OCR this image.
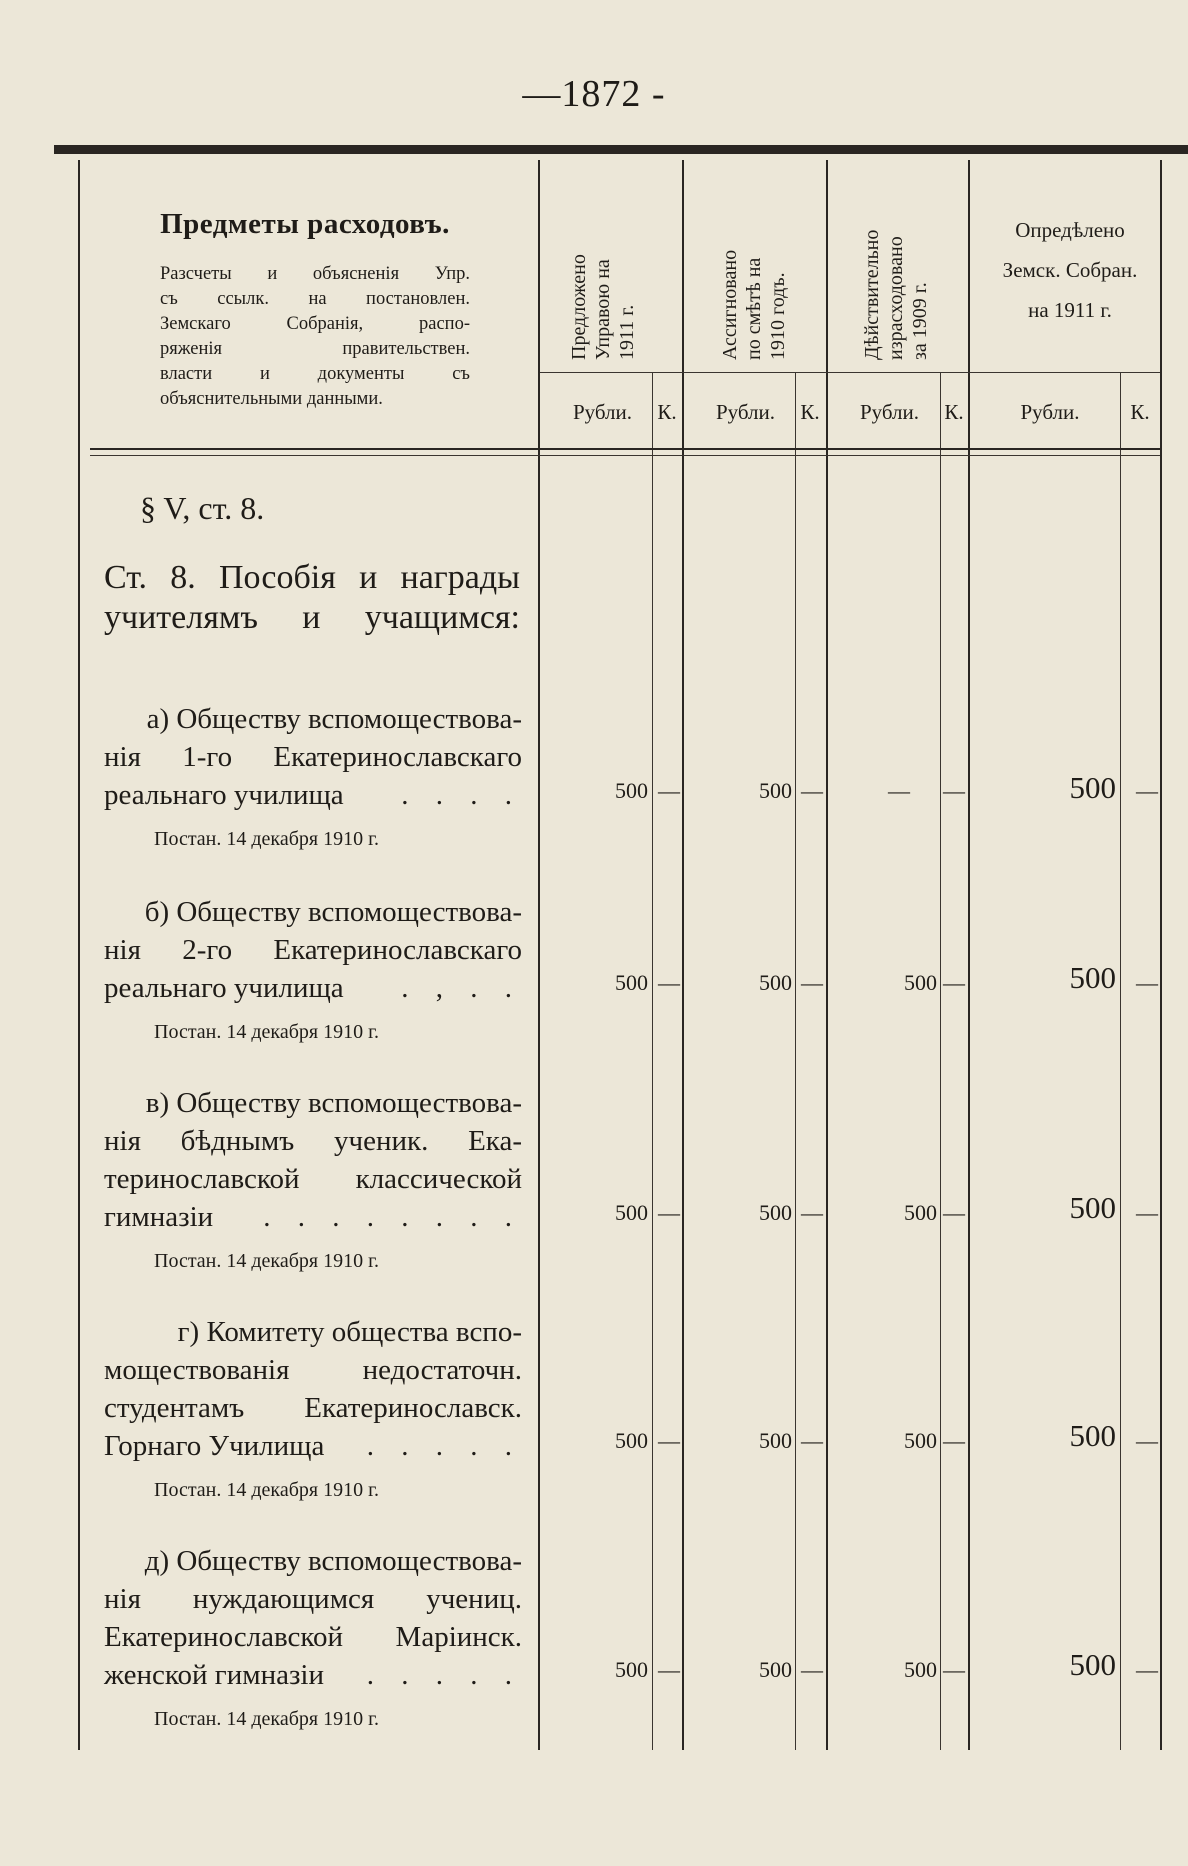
—1872 -
Предметы расходовъ.
Разсчеты и объясненія Упр.
съ ссылк. на постановлен.
Земскаго Собранія, распо-
ряженія правительствен.
власти и документы съ
объяснительными данными.
Предложено
Управою на
1911 г.	Ассигновано
по смѣтѣ на
1910 годъ.	Дѣйствительно
израсходовано
за 1909 г.
Опредѣлено
Земск. Собран.
на 1911 г.
Рубли.	К.	Рубли.	К.	Рубли.	К.	Рубли.	К.
§ V, ст. 8.
Ст. 8. Пособія и награды
учителямъ и учащимся:
а) Обществу вспомоществова-
нія 1-го Екатеринославскаго
реальнаго училища . . . .
Постан. 14 декабря 1910 г.
500 —	500 —	— —	500 —
б) Обществу вспомоществова-
нія 2-го Екатеринославскаго
реальнаго училища . , . .
Постан. 14 декабря 1910 г.
500 —	500 —	500 —	500 —
в) Обществу вспомоществова-
нія бѣднымъ ученик. Ека-
теринославской классической
гимназіи . . . . . . . .
Постан. 14 декабря 1910 г.
500 —	500 —	500 —	500 —
г) Комитету общества вспо-
мoществованія	недостаточн.
студентамъ Екатеринославск.
Горнаго Училища . . . . .
Постан. 14 декабря 1910 г.
500 —	500 —	500 —	500 —
д) Обществу вспомоществова-
нія нуждающимся учениц.
Екатеринославской Маріинск.
женской гимназіи . . . . .
Постан. 14 декабря 1910 г.
500 —	500 —	500 —	500 —
